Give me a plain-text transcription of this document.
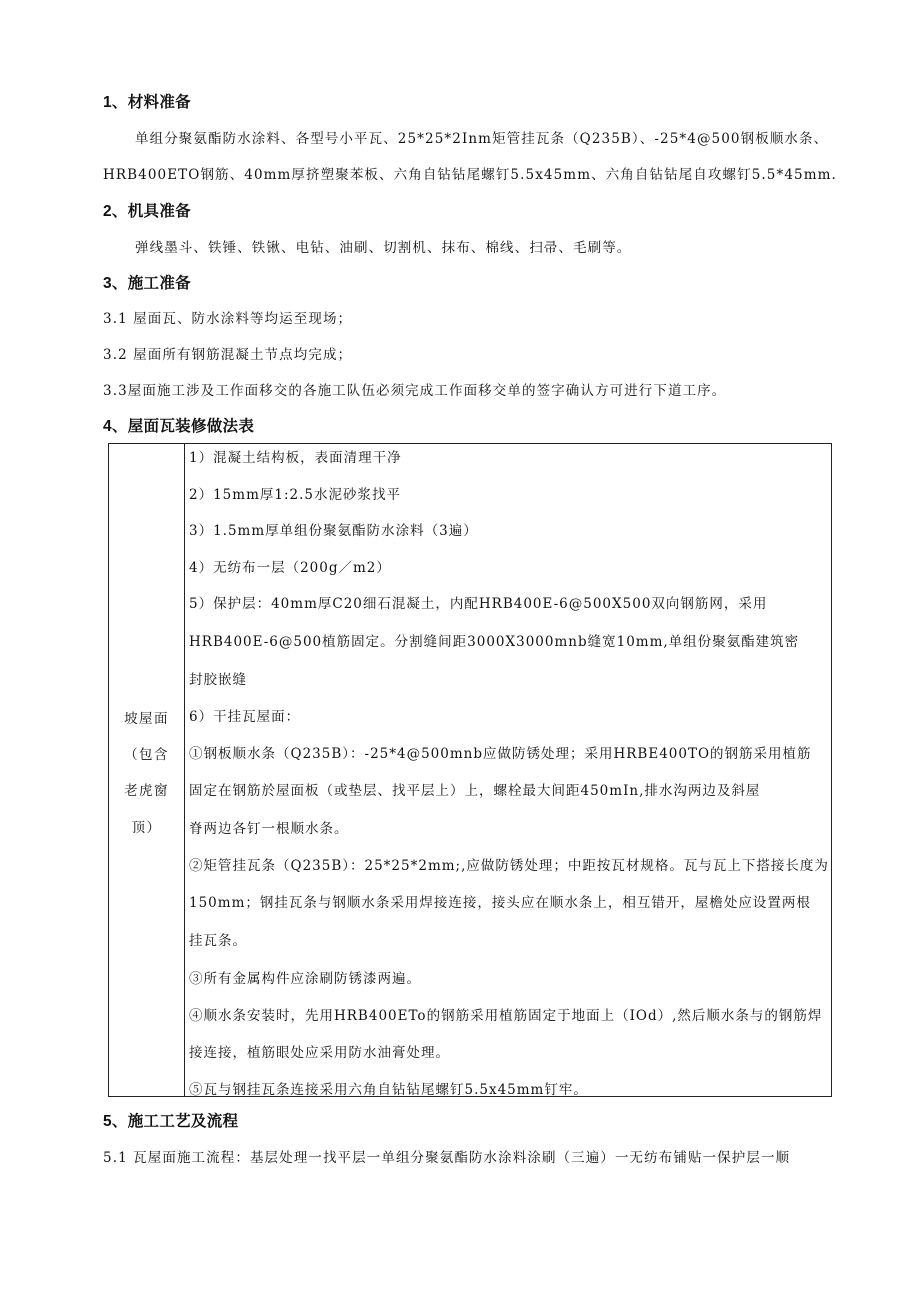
1、材料准备
单组分聚氨酯防水涂料、各型号小平瓦、25*25*2Inm矩管挂瓦条（Q235B）、-25*4@500钢板顺水条、
HRB400ETO钢筋、40mm厚挤塑聚苯板、六角自钻钻尾螺钉5.5x45mm、六角自钻钻尾自攻螺钉5.5*45mm.
2、机具准备
弹线墨斗、铁锤、铁锹、电钻、油刷、切割机、抹布、棉线、扫帚、毛刷等。
3、施工准备
3.1 屋面瓦、防水涂料等均运至现场；
3.2 屋面所有钢筋混凝土节点均完成；
3.3屋面施工涉及工作面移交的各施工队伍必须完成工作面移交单的签字确认方可进行下道工序。
4、屋面瓦装修做法表
坡屋面
（包含
老虎窗
顶）

1）混凝土结构板，表面清理干净
2）15mm厚1:2.5水泥砂浆找平
3）1.5mm厚单组份聚氨酯防水涂料（3遍）
4）无纺布一层（200g／m2）
5）保护层：40mm厚C20细石混凝土，内配HRB400E-6@500X500双向钢筋网，采用
HRB400E-6@500植筋固定。分割缝间距3000X3000mnb缝宽10mm,单组份聚氨酯建筑密
封胶嵌缝
6）干挂瓦屋面：
①钢板顺水条（Q235B）：-25*4@500mnb应做防锈处理；采用HRBE400TO的钢筋采用植筋
固定在钢筋於屋面板（或垫层、找平层上）上，螺栓最大间距450mIn,排水沟两边及斜屋
脊两边各钉一根顺水条。
②矩管挂瓦条（Q235B）：25*25*2mm;,应做防锈处理；中距按瓦材规格。瓦与瓦上下搭接长度为
150mm；钢挂瓦条与钢顺水条采用焊接连接，接头应在顺水条上，相互错开，屋檐处应设置两根
挂瓦条。
③所有金属构件应涂刷防锈漆两遍。
④顺水条安装时，先用HRB400ETo的钢筋采用植筋固定于地面上（IOd）,然后顺水条与的钢筋焊
接连接，植筋眼处应采用防水油膏处理。
⑤瓦与钢挂瓦条连接采用六角自钻钻尾螺钉5.5x45mm钉牢。
5、施工工艺及流程
5.1 瓦屋面施工流程：基层处理一找平层一单组分聚氨酯防水涂料涂刷（三遍）一无纺布铺贴一保护层一顺
